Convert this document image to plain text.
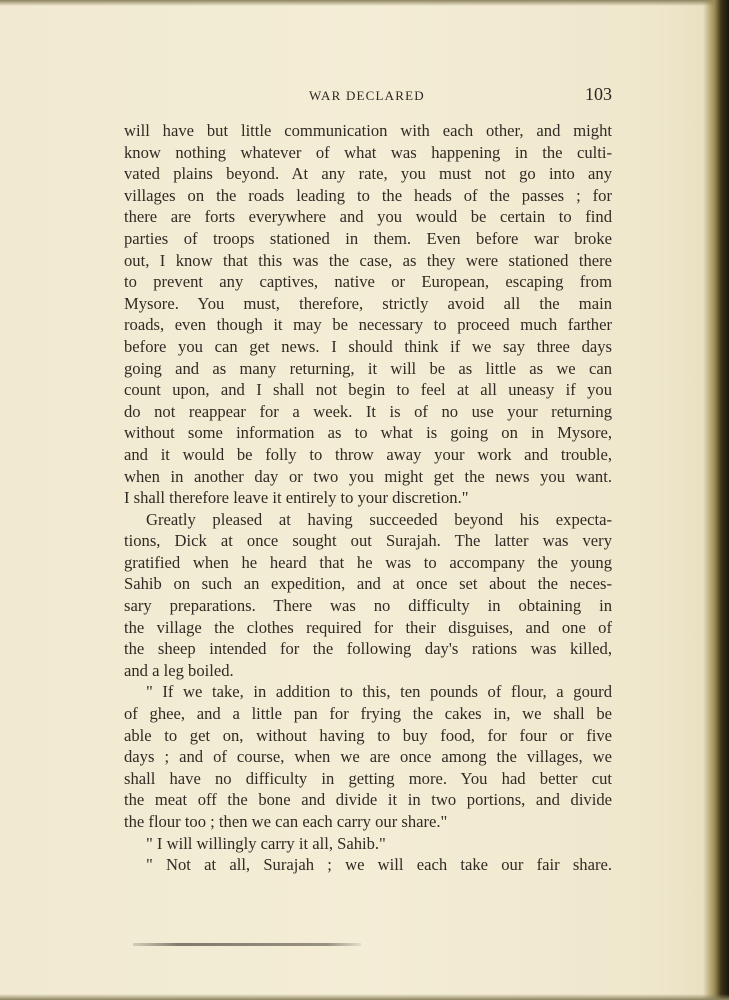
WAR DECLARED	103
will have but little communication with each other, and might
know nothing whatever of what was happening in the culti-
vated plains beyond. At any rate, you must not go into any
villages on the roads leading to the heads of the passes ; for
there are forts everywhere and you would be certain to find
parties of troops stationed in them. Even before war broke
out, I know that this was the case, as they were stationed there
to prevent any captives, native or European, escaping from
Mysore. You must, therefore, strictly avoid all the main
roads, even though it may be necessary to proceed much farther
before you can get news. I should think if we say three days
going and as many returning, it will be as little as we can
count upon, and I shall not begin to feel at all uneasy if you
do not reappear for a week. It is of no use your returning
without some information as to what is going on in Mysore,
and it would be folly to throw away your work and trouble,
when in another day or two you might get the news you want.
I shall therefore leave it entirely to your discretion."
Greatly pleased at having succeeded beyond his expecta-
tions, Dick at once sought out Surajah. The latter was very
gratified when he heard that he was to accompany the young
Sahib on such an expedition, and at once set about the neces-
sary preparations. There was no difficulty in obtaining in
the village the clothes required for their disguises, and one of
the sheep intended for the following day's rations was killed,
and a leg boiled.
" If we take, in addition to this, ten pounds of flour, a gourd
of ghee, and a little pan for frying the cakes in, we shall be
able to get on, without having to buy food, for four or five
days ; and of course, when we are once among the villages, we
shall have no difficulty in getting more. You had better cut
the meat off the bone and divide it in two portions, and divide
the flour too ; then we can each carry our share."
" I will willingly carry it all, Sahib."
" Not at all, Surajah ; we will each take our fair share.
